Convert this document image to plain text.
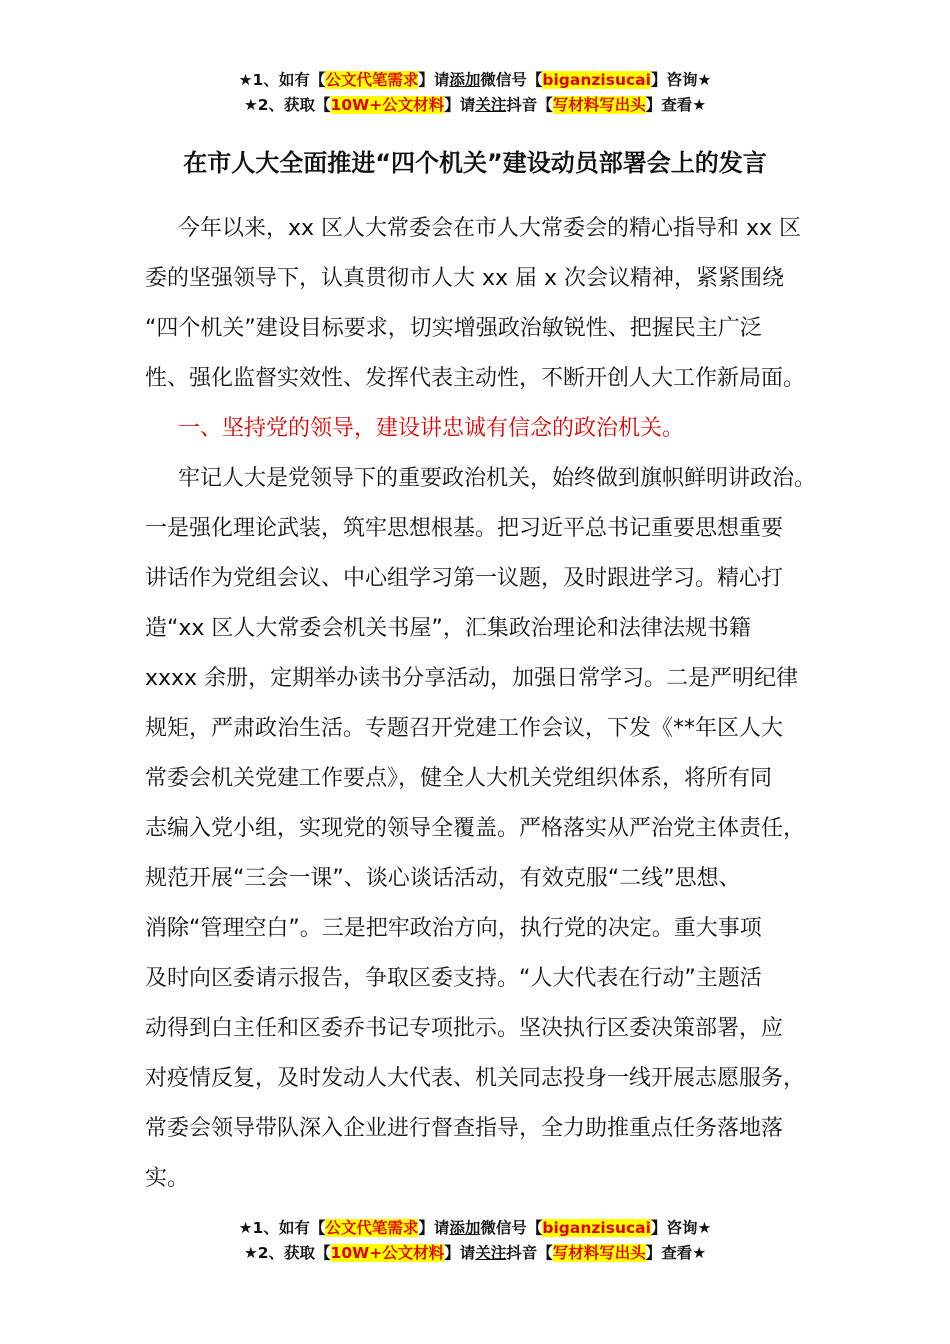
★1、如有【公文代笔需求】请添加微信号【biganzisucai】咨询★
★2、获取【10W+公文材料】请关注抖音【写材料写出头】查看★
在市人大全面推进“四个机关”建设动员部署会上的发言
今年以来，xx 区人大常委会在市人大常委会的精心指导和 xx 区
委的坚强领导下，认真贯彻市人大 xx 届 x 次会议精神，紧紧围绕
“四个机关”建设目标要求，切实增强政治敏锐性、把握民主广泛
性、强化监督实效性、发挥代表主动性，不断开创人大工作新局面。
一、坚持党的领导，建设讲忠诚有信念的政治机关。
牢记人大是党领导下的重要政治机关，始终做到旗帜鲜明讲政治。
一是强化理论武装，筑牢思想根基。把习近平总书记重要思想重要
讲话作为党组会议、中心组学习第一议题，及时跟进学习。精心打
造“xx 区人大常委会机关书屋”，汇集政治理论和法律法规书籍
xxxx 余册，定期举办读书分享活动，加强日常学习。二是严明纪律
规矩，严肃政治生活。专题召开党建工作会议，下发《**年区人大
常委会机关党建工作要点》，健全人大机关党组织体系，将所有同
志编入党小组，实现党的领导全覆盖。严格落实从严治党主体责任，
规范开展“三会一课”、谈心谈话活动，有效克服“二线”思想、
消除“管理空白”。三是把牢政治方向，执行党的决定。重大事项
及时向区委请示报告，争取区委支持。“人大代表在行动”主题活
动得到白主任和区委乔书记专项批示。坚决执行区委决策部署，应
对疫情反复，及时发动人大代表、机关同志投身一线开展志愿服务，
常委会领导带队深入企业进行督查指导，全力助推重点任务落地落
实。
★1、如有【公文代笔需求】请添加微信号【biganzisucai】咨询★
★2、获取【10W+公文材料】请关注抖音【写材料写出头】查看★
